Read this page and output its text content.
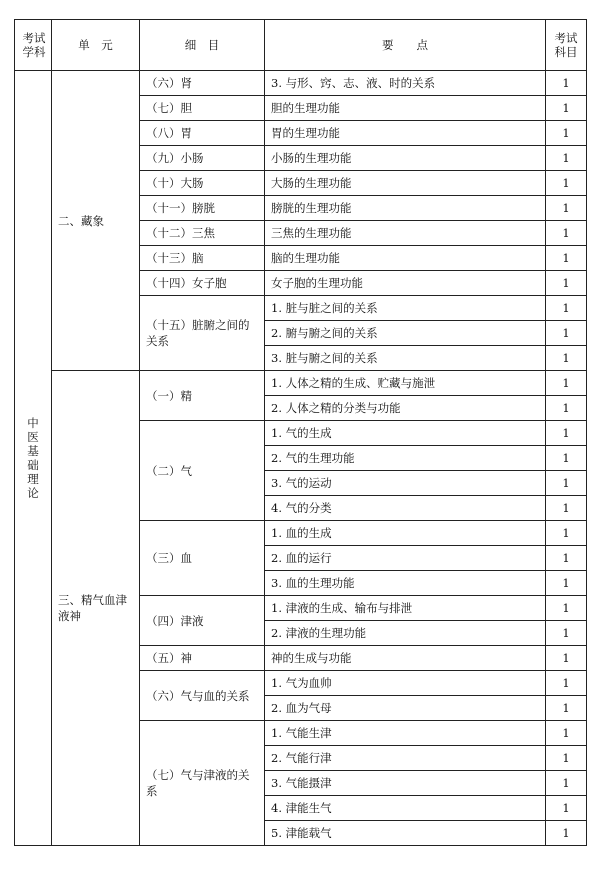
考试学科	单　元	细　目	要　　点	考试科目
中医基础理论	二、藏象	（六）肾	3. 与形、窍、志、液、时的关系	1
		（七）胆	胆的生理功能	1
		（八）胃	胃的生理功能	1
		（九）小肠	小肠的生理功能	1
		（十）大肠	大肠的生理功能	1
		（十一）膀胱	膀胱的生理功能	1
		（十二）三焦	三焦的生理功能	1
		（十三）脑	脑的生理功能	1
		（十四）女子胞	女子胞的生理功能	1
		（十五）脏腑之间的关系	1. 脏与脏之间的关系	1
			2. 腑与腑之间的关系	1
			3. 脏与腑之间的关系	1
	三、精气血津液神	（一）精	1. 人体之精的生成、贮藏与施泄	1
			2. 人体之精的分类与功能	1
		（二）气	1. 气的生成	1
			2. 气的生理功能	1
			3. 气的运动	1
			4. 气的分类	1
		（三）血	1. 血的生成	1
			2. 血的运行	1
			3. 血的生理功能	1
		（四）津液	1. 津液的生成、输布与排泄	1
			2. 津液的生理功能	1
		（五）神	神的生成与功能	1
		（六）气与血的关系	1. 气为血帅	1
			2. 血为气母	1
		（七）气与津液的关系	1. 气能生津	1
			2. 气能行津	1
			3. 气能摄津	1
			4. 津能生气	1
			5. 津能载气	1
